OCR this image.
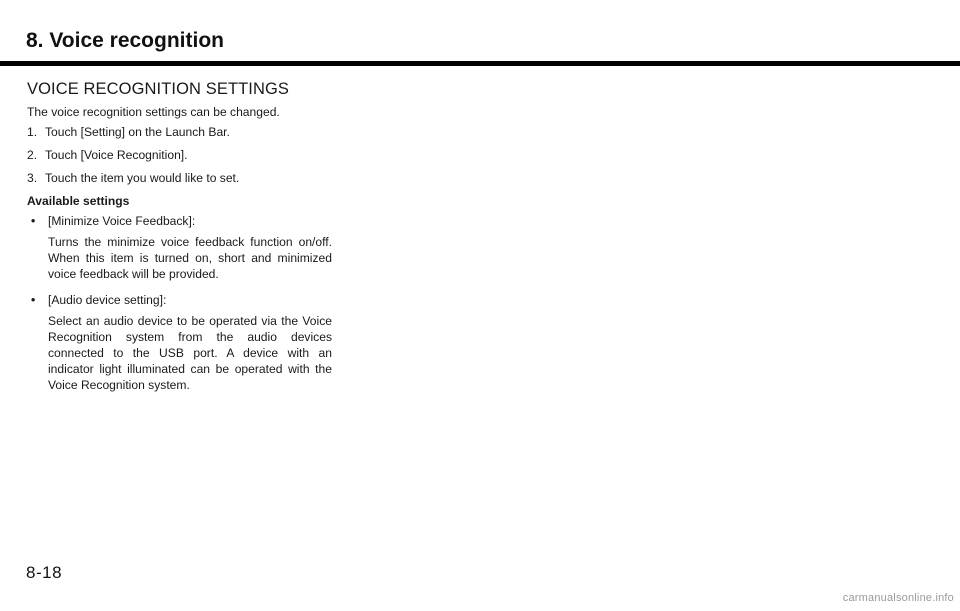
8. Voice recognition
VOICE RECOGNITION SETTINGS
The voice recognition settings can be changed.
1. Touch [Setting] on the Launch Bar.
2. Touch [Voice Recognition].
3. Touch the item you would like to set.
Available settings
• [Minimize Voice Feedback]:
Turns the minimize voice feedback function on/off. When this item is turned on, short and minimized voice feedback will be provided.
• [Audio device setting]:
Select an audio device to be operated via the Voice Recognition system from the audio devices connected to the USB port. A device with an indicator light illuminated can be operated with the Voice Recognition system.
8-18
carmanualsonline.info
